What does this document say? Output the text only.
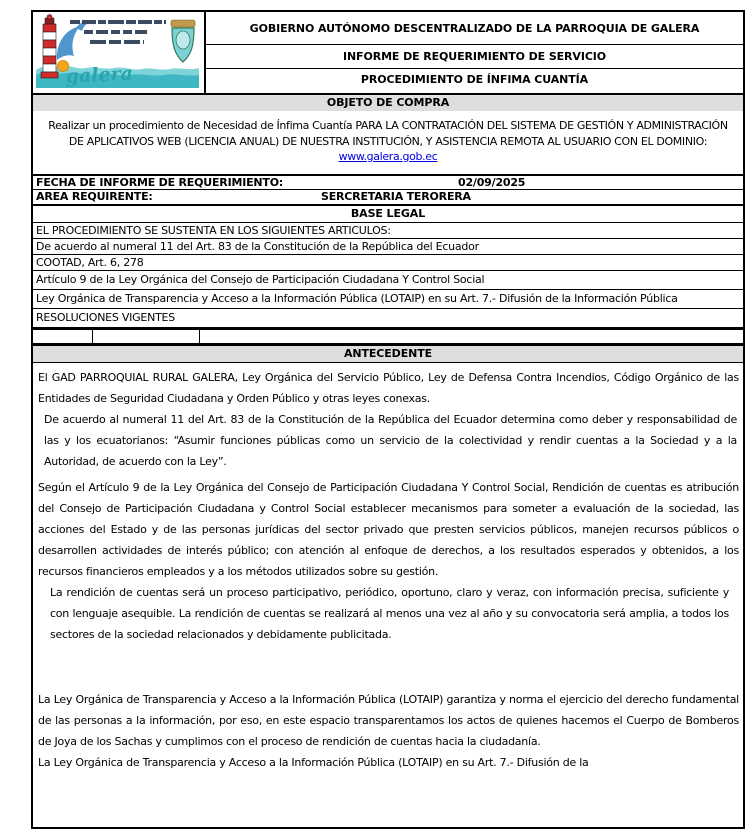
galera
GOBIERNO AUTÓNOMO DESCENTRALIZADO DE LA PARROQUIA DE GALERA
INFORME DE REQUERIMIENTO DE SERVICIO
PROCEDIMIENTO DE ÍNFIMA CUANTÍA
OBJETO DE COMPRA
Realizar un procedimiento de Necesidad de Ínfima Cuantía PARA LA CONTRATACIÓN DEL SISTEMA DE GESTIÓN Y ADMINISTRACIÓN DE APLICATIVOS WEB (LICENCIA ANUAL) DE NUESTRA INSTITUCIÓN, Y ASISTENCIA REMOTA AL USUARIO CON EL DOMINIO: www.galera.gob.ec
FECHA DE INFORME DE REQUERIMIENTO:	02/09/2025
AREA REQUIRENTE:	SERCRETARIA TERORERA
BASE LEGAL
EL PROCEDIMIENTO SE SUSTENTA EN LOS SIGUIENTES ARTICULOS:
De acuerdo al numeral 11 del Art. 83 de la Constitución de la República del Ecuador
COOTAD, Art. 6, 278
Artículo 9 de la Ley Orgánica del Consejo de Participación Ciudadana Y Control Social
Ley Orgánica de Transparencia y Acceso a la Información Pública (LOTAIP) en su Art. 7.- Difusión de la Información Pública
RESOLUCIONES VIGENTES
ANTECEDENTE

El GAD PARROQUIAL RURAL GALERA, Ley Orgánica del Servicio Público, Ley de Defensa Contra Incendios, Código Orgánico de las Entidades de Seguridad Ciudadana y Orden Público y otras leyes conexas.

De acuerdo al numeral 11 del Art. 83 de la Constitución de la República del Ecuador determina como deber y responsabilidad de las y los ecuatorianos: “Asumir funciones públicas como un servicio de la colectividad y rendir cuentas a la Sociedad y a la Autoridad, de acuerdo con la Ley”.

Según el Artículo 9 de la Ley Orgánica del Consejo de Participación Ciudadana Y Control Social, Rendición de cuentas es atribución del Consejo de Participación Ciudadana y Control Social establecer mecanismos para someter a evaluación de la sociedad, las acciones del Estado y de las personas jurídicas del sector privado que presten servicios públicos, manejen recursos públicos o desarrollen actividades de interés público; con atención al enfoque de derechos, a los resultados esperados y obtenidos, a los recursos financieros empleados y a los métodos utilizados sobre su gestión.

La rendición de cuentas será un proceso participativo, periódico, oportuno, claro y veraz, con información precisa, suficiente y con lenguaje asequible. La rendición de cuentas se realizará al menos una vez al año y su convocatoria será amplia, a todos los sectores de la sociedad relacionados y debidamente publicitada.

La Ley Orgánica de Transparencia y Acceso a la Información Pública (LOTAIP) garantiza y norma el ejercicio del derecho fundamental de las personas a la información, por eso, en este espacio transparentamos los actos de quienes hacemos el Cuerpo de Bomberos de Joya de los Sachas y cumplimos con el proceso de rendición de cuentas hacia la ciudadanía.

La Ley Orgánica de Transparencia y Acceso a la Información Pública (LOTAIP) en su Art. 7.- Difusión de la
